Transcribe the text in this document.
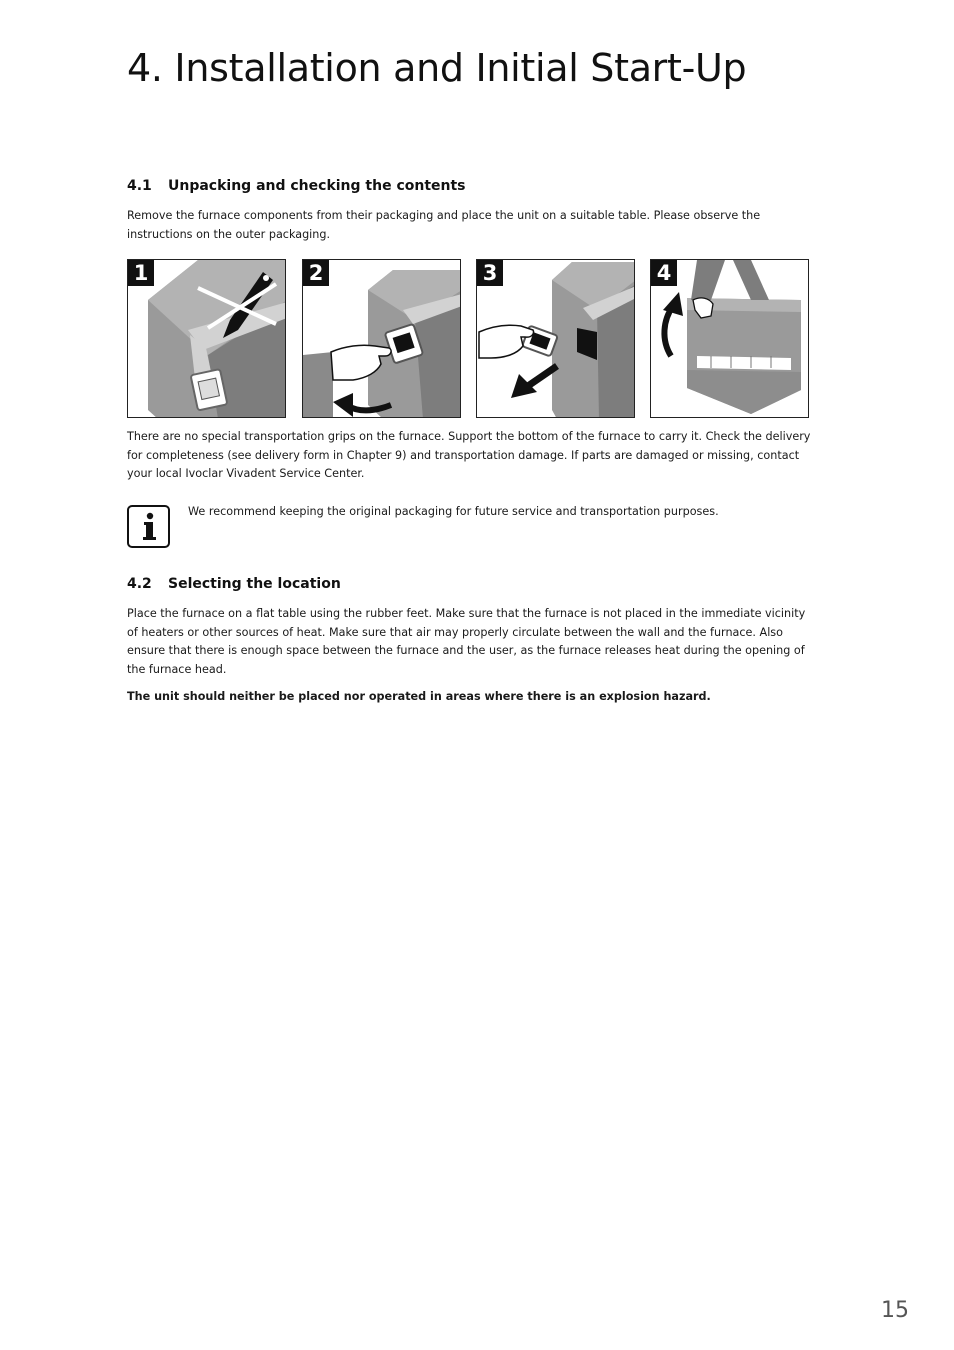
4. Installation and Initial Start-Up
4.1 Unpacking and checking the contents

Remove the furnace components from their packaging and place the unit on a suitable table. Please observe the instructions on the outer packaging.

1	2	3	4

There are no special transportation grips on the furnace. Support the bottom of the furnace to carry it. Check the delivery for completeness (see delivery form in Chapter 9) and transportation damage. If parts are damaged or missing, contact your local Ivoclar Vivadent Service Center.

We recommend keeping the original packaging for future service and transportation purposes.

4.2 Selecting the location

Place the furnace on a flat table using the rubber feet. Make sure that the furnace is not placed in the immediate vicinity of heaters or other sources of heat. Make sure that air may properly circulate between the wall and the furnace. Also ensure that there is enough space between the furnace and the user, as the furnace releases heat during the opening of the furnace head.

The unit should neither be placed nor operated in areas where there is an explosion hazard.

15
